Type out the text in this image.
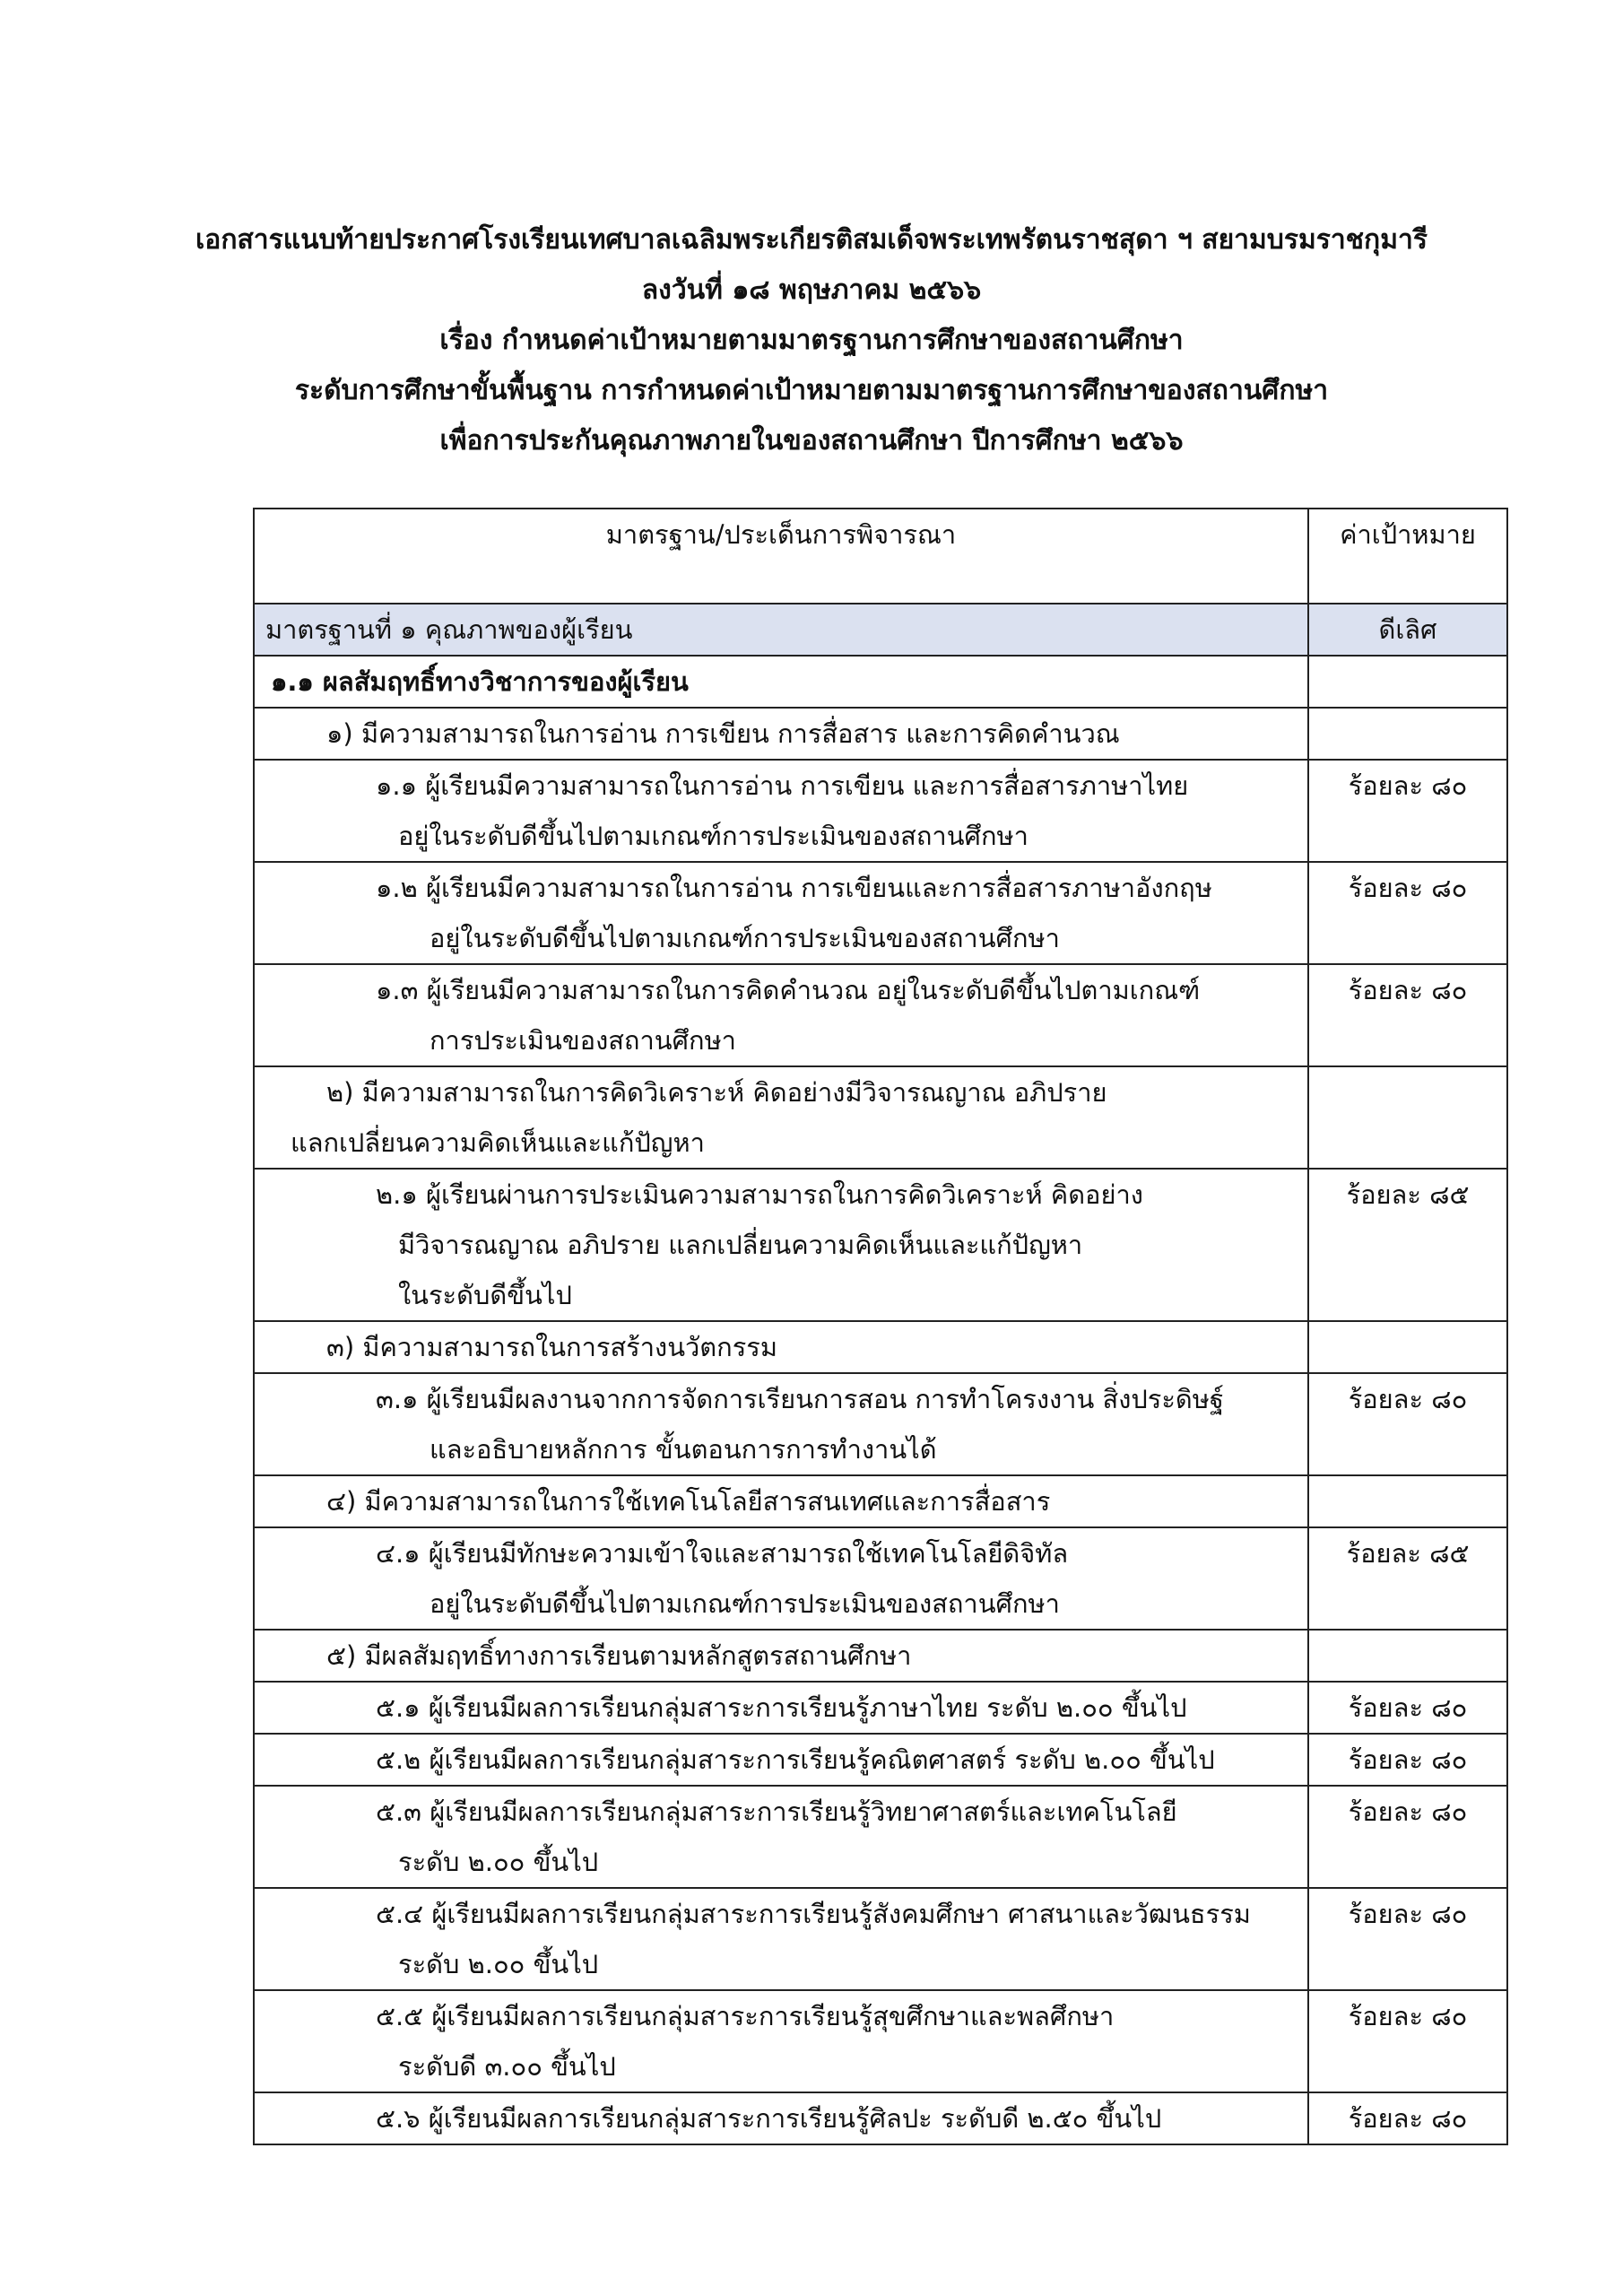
เอกสารแนบท้ายประกาศโรงเรียนเทศบาลเฉลิมพระเกียรติสมเด็จพระเทพรัตนราชสุดา ฯ สยามบรมราชกุมารี
ลงวันที่ ๑๘ พฤษภาคม ๒๕๖๖
เรื่อง กำหนดค่าเป้าหมายตามมาตรฐานการศึกษาของสถานศึกษา
ระดับการศึกษาขั้นพื้นฐาน การกำหนดค่าเป้าหมายตามมาตรฐานการศึกษาของสถานศึกษา
เพื่อการประกันคุณภาพภายในของสถานศึกษา ปีการศึกษา ๒๕๖๖
มาตรฐาน/ประเด็นการพิจารณา	ค่าเป้าหมาย
มาตรฐานที่ ๑ คุณภาพของผู้เรียน	ดีเลิศ
๑.๑ ผลสัมฤทธิ์ทางวิชาการของผู้เรียน	
๑) มีความสามารถในการอ่าน การเขียน การสื่อสาร และการคิดคำนวณ	

๑.๑ ผู้เรียนมีความสามารถในการอ่าน การเขียน และการสื่อสารภาษาไทย
อยู่ในระดับดีขึ้นไปตามเกณฑ์การประเมินของสถานศึกษา	ร้อยละ ๘๐

๑.๒ ผู้เรียนมีความสามารถในการอ่าน การเขียนและการสื่อสารภาษาอังกฤษ
อยู่ในระดับดีขึ้นไปตามเกณฑ์การประเมินของสถานศึกษา	ร้อยละ ๘๐

๑.๓ ผู้เรียนมีความสามารถในการคิดคำนวณ อยู่ในระดับดีขึ้นไปตามเกณฑ์
การประเมินของสถานศึกษา	ร้อยละ ๘๐

๒) มีความสามารถในการคิดวิเคราะห์ คิดอย่างมีวิจารณญาณ อภิปราย
แลกเปลี่ยนความคิดเห็นและแก้ปัญหา	

๒.๑ ผู้เรียนผ่านการประเมินความสามารถในการคิดวิเคราะห์ คิดอย่าง
มีวิจารณญาณ อภิปราย แลกเปลี่ยนความคิดเห็นและแก้ปัญหา
ในระดับดีขึ้นไป	ร้อยละ ๘๕
๓) มีความสามารถในการสร้างนวัตกรรม	

๓.๑ ผู้เรียนมีผลงานจากการจัดการเรียนการสอน การทำโครงงาน สิ่งประดิษฐ์
และอธิบายหลักการ ขั้นตอนการการทำงานได้	ร้อยละ ๘๐
๔) มีความสามารถในการใช้เทคโนโลยีสารสนเทศและการสื่อสาร	

๔.๑ ผู้เรียนมีทักษะความเข้าใจและสามารถใช้เทคโนโลยีดิจิทัล
อยู่ในระดับดีขึ้นไปตามเกณฑ์การประเมินของสถานศึกษา	ร้อยละ ๘๕
๕) มีผลสัมฤทธิ์ทางการเรียนตามหลักสูตรสถานศึกษา	

๕.๑ ผู้เรียนมีผลการเรียนกลุ่มสาระการเรียนรู้ภาษาไทย ระดับ ๒.๐๐ ขึ้นไป	ร้อยละ ๘๐

๕.๒ ผู้เรียนมีผลการเรียนกลุ่มสาระการเรียนรู้คณิตศาสตร์ ระดับ ๒.๐๐ ขึ้นไป	ร้อยละ ๘๐

๕.๓ ผู้เรียนมีผลการเรียนกลุ่มสาระการเรียนรู้วิทยาศาสตร์และเทคโนโลยี
ระดับ ๒.๐๐ ขึ้นไป	ร้อยละ ๘๐

๕.๔ ผู้เรียนมีผลการเรียนกลุ่มสาระการเรียนรู้สังคมศึกษา ศาสนาและวัฒนธรรม
ระดับ ๒.๐๐ ขึ้นไป	ร้อยละ ๘๐

๕.๕ ผู้เรียนมีผลการเรียนกลุ่มสาระการเรียนรู้สุขศึกษาและพลศึกษา
ระดับดี ๓.๐๐ ขึ้นไป	ร้อยละ ๘๐

๕.๖ ผู้เรียนมีผลการเรียนกลุ่มสาระการเรียนรู้ศิลปะ ระดับดี ๒.๕๐ ขึ้นไป	ร้อยละ ๘๐
